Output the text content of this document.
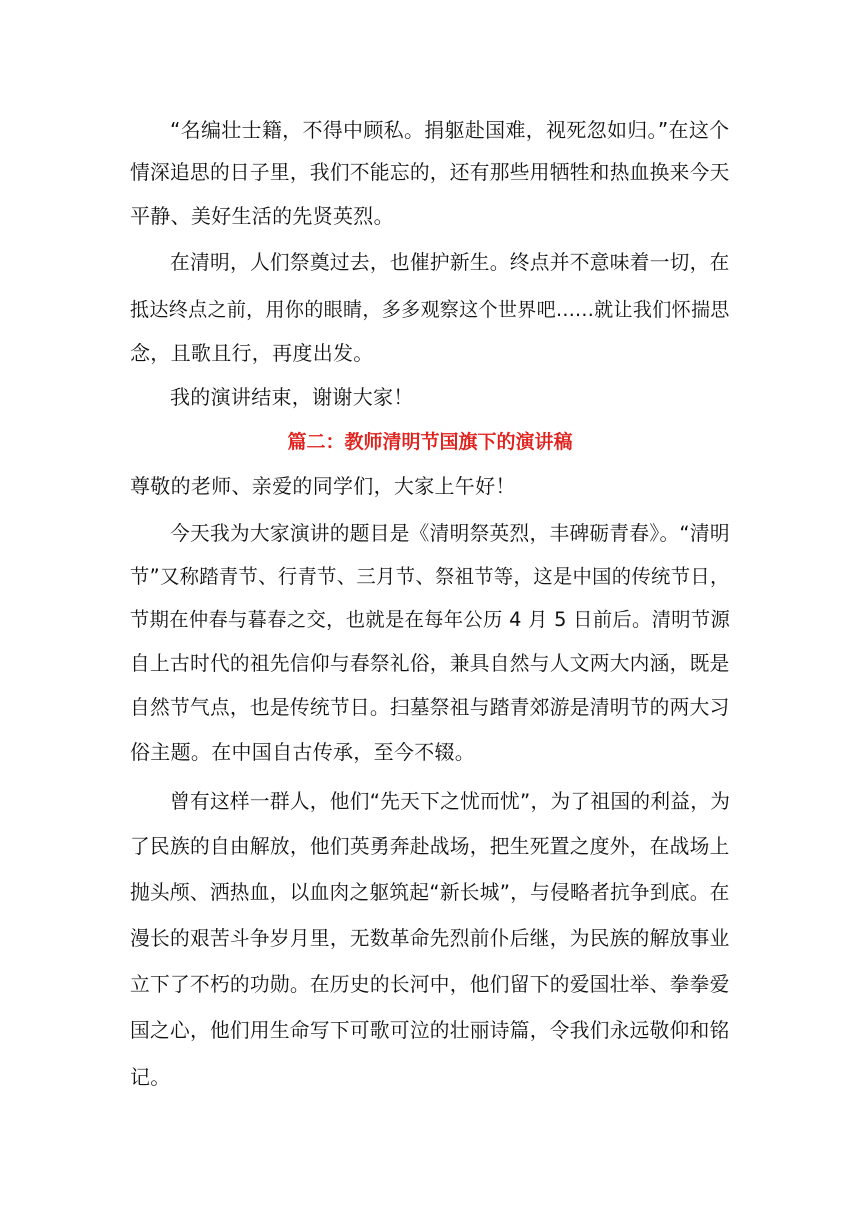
“名编壮士籍，不得中顾私。捐躯赴国难，视死忽如归。”在这个
情深追思的日子里，我们不能忘的，还有那些用牺牲和热血换来今天
平静、美好生活的先贤英烈。
在清明，人们祭奠过去，也催护新生。终点并不意味着一切，在
抵达终点之前，用你的眼睛，多多观察这个世界吧......就让我们怀揣思
念，且歌且行，再度出发。
我的演讲结束，谢谢大家！
篇二：教师清明节国旗下的演讲稿
尊敬的老师、亲爱的同学们，大家上午好！
今天我为大家演讲的题目是《清明祭英烈，丰碑砺青春》。“清明
节”又称踏青节、行青节、三月节、祭祖节等，这是中国的传统节日，
节期在仲春与暮春之交，也就是在每年公历 4 月 5 日前后。清明节源
自上古时代的祖先信仰与春祭礼俗，兼具自然与人文两大内涵，既是
自然节气点，也是传统节日。扫墓祭祖与踏青郊游是清明节的两大习
俗主题。在中国自古传承，至今不辍。
曾有这样一群人，他们“先天下之忧而忧”，为了祖国的利益，为
了民族的自由解放，他们英勇奔赴战场，把生死置之度外，在战场上
抛头颅、洒热血，以血肉之躯筑起“新长城”，与侵略者抗争到底。在
漫长的艰苦斗争岁月里，无数革命先烈前仆后继，为民族的解放事业
立下了不朽的功勋。在历史的长河中，他们留下的爱国壮举、拳拳爱
国之心，他们用生命写下可歌可泣的壮丽诗篇，令我们永远敬仰和铭
记。
